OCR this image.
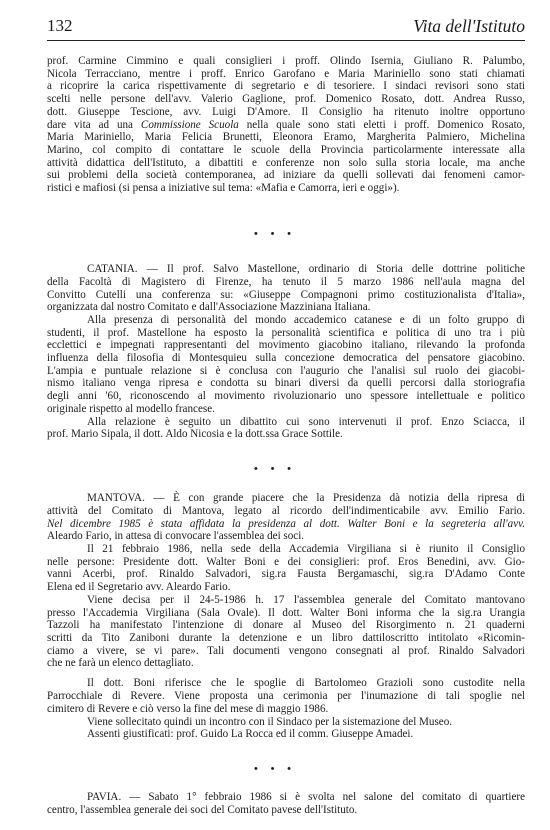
132	Vita dell'Istituto
prof. Carmine Cimmino e quali consiglieri i proff. Olindo Isernia, Giuliano R. Palumbo,
Nicola Terracciano, mentre i proff. Enrico Garofano e Maria Mariniello sono stati chiamati
a ricoprire la carica rispettivamente di segretario e di tesoriere. I sindaci revisori sono stati
scelti nelle persone dell'avv. Valerio Gaglione, prof. Domenico Rosato, dott. Andrea Russo,
dott. Giuseppe Tescione, avv. Luigi D'Amore. Il Consiglio ha ritenuto inoltre opportuno
dare vita ad una Commissione Scuola nella quale sono stati eletti i proff. Domenico Rosato,
Maria Mariniello, Maria Felicia Brunetti, Eleonora Eramo, Margherita Palmiero, Michelina
Marino, col compito di contattare le scuole della Provincia particolarmente interessate alla
attività didattica dell'Istituto, a dibattiti e conferenze non solo sulla storia locale, ma anche
sui problemi della società contemporanea, ad iniziare da quelli sollevati dai fenomeni camor-
ristici e mafiosi (si pensa a iniziative sul tema: «Mafia e Camorra, ieri e oggi»).
• • •
CATANIA. — Il prof. Salvo Mastellone, ordinario di Storia delle dottrine politiche
della Facoltà di Magistero di Firenze, ha tenuto il 5 marzo 1986 nell'aula magna del
Convitto Cutelli una conferenza su: «Giuseppe Compagnoni primo costituzionalista d'Italia»,
organizzata dal nostro Comitato e dall'Associazione Mazziniana Italiana.
Alla presenza di personalità del mondo accademico catanese e di un folto gruppo di
studenti, il prof. Mastellone ha esposto la personalità scientifica e politica di uno tra i più
ecclettici e impegnati rappresentanti del movimento giacobino italiano, rilevando la profonda
influenza della filosofia di Montesquieu sulla concezione democratica del pensatore giacobino.
L'ampia e puntuale relazione si è conclusa con l'augurio che l'analisi sul ruolo dei giacobi-
nismo italiano venga ripresa e condotta su binari diversi da quelli percorsi dalla storiografia
degli anni '60, riconoscendo al movimento rivoluzionario uno spessore intellettuale e politico
originale rispetto al modello francese.
Alla relazione è seguito un dibattito cui sono intervenuti il prof. Enzo Sciacca, il
prof. Mario Sipala, il dott. Aldo Nicosia e la dott.ssa Grace Sottile.
• • •
MANTOVA. — È con grande piacere che la Presidenza dà notizia della ripresa di
attività del Comitato di Mantova, legato al ricordo dell'indimenticabile avv. Emilio Fario.
Nel dicembre 1985 è stata affidata la presidenza al dott. Walter Boni e la segreteria all'avv.
Aleardo Fario, in attesa di convocare l'assemblea dei soci.
Il 21 febbraio 1986, nella sede della Accademia Virgiliana si è riunito il Consiglio
nelle persone: Presidente dott. Walter Boni e dei consiglieri: prof. Eros Benedini, avv. Gio-
vanni Acerbi, prof. Rinaldo Salvadori, sig.ra Fausta Bergamaschi, sig.ra D'Adamo Conte
Elena ed il Segretario avv. Aleardo Fario.
Viene decisa per il 24-5-1986 h. 17 l'assemblea generale del Comitato mantovano
presso l'Accademia Virgiliana (Sala Ovale). Il dott. Walter Boni informa che la sig.ra Urangia
Tazzoli ha manifestato l'intenzione di donare al Museo del Risorgimento n. 21 quaderni
scritti da Tito Zaniboni durante la detenzione e un libro dattiloscritto intitolato «Ricomin-
ciamo a vivere, se vi pare». Tali documenti vengono consegnati al prof. Rinaldo Salvadori
che ne farà un elenco dettagliato.
Il dott. Boni riferisce che le spoglie di Bartolomeo Grazioli sono custodite nella
Parrocchiale di Revere. Viene proposta una cerimonia per l'inumazione di tali spoglie nel
cimitero di Revere e ciò verso la fine del mese di maggio 1986.
Viene sollecitato quindi un incontro con il Sindaco per la sistemazione del Museo.
Assenti giustificati: prof. Guido La Rocca ed il comm. Giuseppe Amadei.
• • •
PAVIA. — Sabato 1° febbraio 1986 si è svolta nel salone del comitato di quartiere
centro, l'assemblea generale dei soci del Comitato pavese dell'Istituto.
